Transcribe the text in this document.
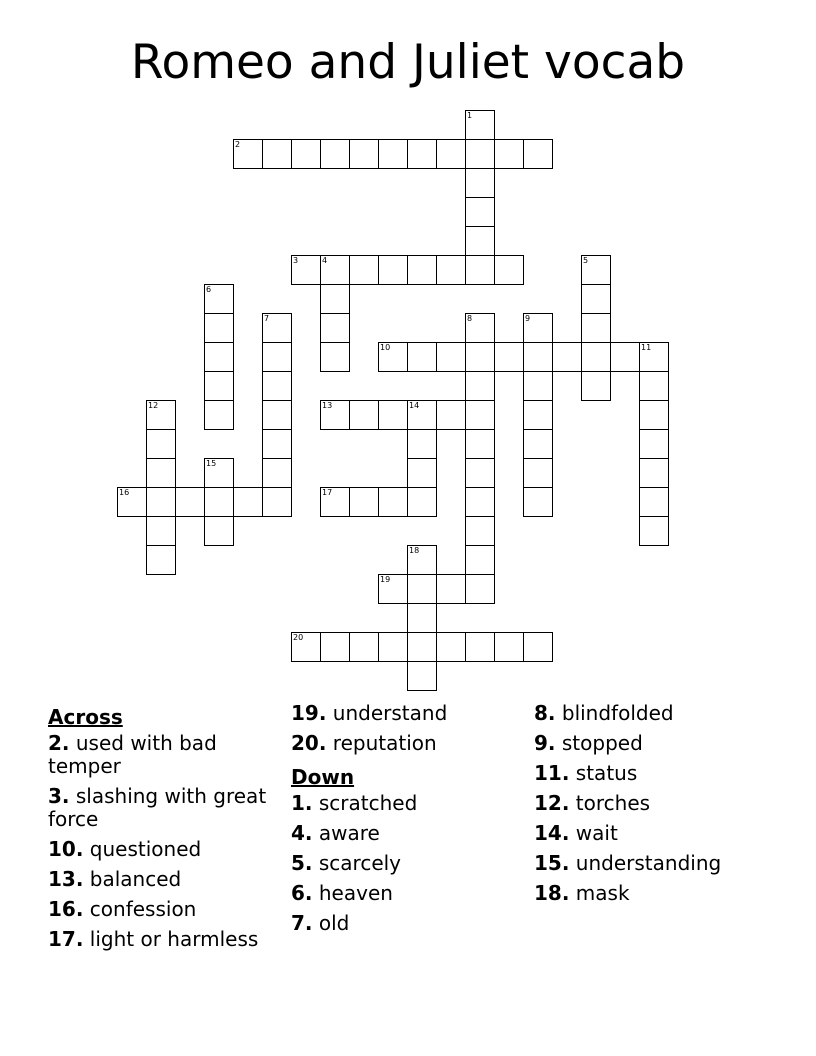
Romeo and Juliet vocab
1
2
3	4	5
6
7	8	9
10	11
12	13	14
15
16	17
18
19
20
Across
2. used with bad temper
3. slashing with great force
10. questioned
13. balanced
16. confession
17. light or harmless
19. understand
20. reputation
Down
1. scratched
4. aware
5. scarcely
6. heaven
7. old
8. blindfolded
9. stopped
11. status
12. torches
14. wait
15. understanding
18. mask
